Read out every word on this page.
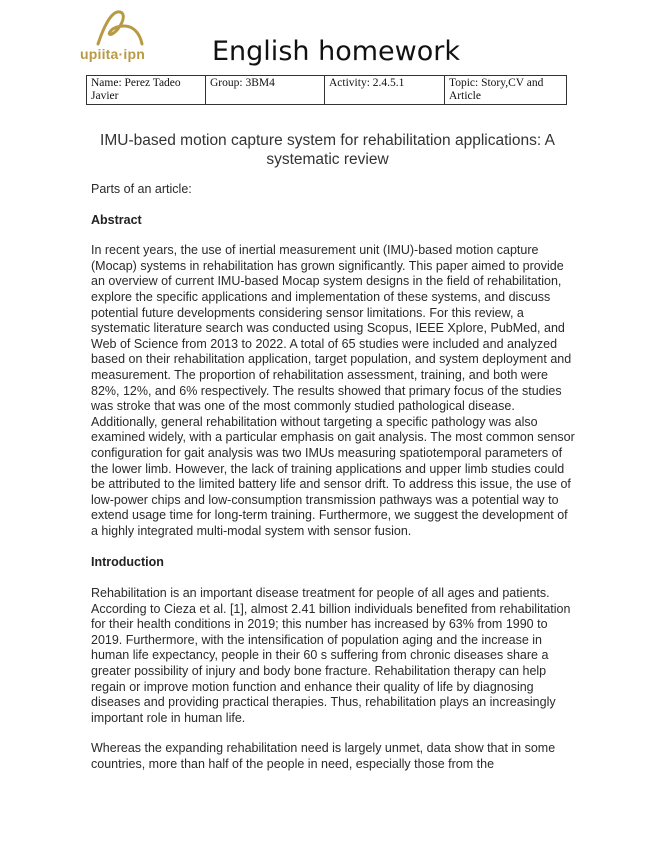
upiita·ipn	English homework
Name: Perez Tadeo Javier	Group: 3BM4	Activity: 2.4.5.1	Topic: Story,CV and Article
IMU-based motion capture system for rehabilitation applications: A systematic review

Parts of an article:

Abstract

In recent years, the use of inertial measurement unit (IMU)-based motion capture (Mocap) systems in rehabilitation has grown significantly. This paper aimed to provide an overview of current IMU-based Mocap system designs in the field of rehabilitation, explore the specific applications and implementation of these systems, and discuss potential future developments considering sensor limitations. For this review, a systematic literature search was conducted using Scopus, IEEE Xplore, PubMed, and Web of Science from 2013 to 2022. A total of 65 studies were included and analyzed based on their rehabilitation application, target population, and system deployment and measurement. The proportion of rehabilitation assessment, training, and both were 82%, 12%, and 6% respectively. The results showed that primary focus of the studies was stroke that was one of the most commonly studied pathological disease. Additionally, general rehabilitation without targeting a specific pathology was also examined widely, with a particular emphasis on gait analysis. The most common sensor configuration for gait analysis was two IMUs measuring spatiotemporal parameters of the lower limb. However, the lack of training applications and upper limb studies could be attributed to the limited battery life and sensor drift. To address this issue, the use of low-power chips and low-consumption transmission pathways was a potential way to extend usage time for long-term training. Furthermore, we suggest the development of a highly integrated multi-modal system with sensor fusion.

Introduction

Rehabilitation is an important disease treatment for people of all ages and patients. According to Cieza et al. [1], almost 2.41 billion individuals benefited from rehabilitation for their health conditions in 2019; this number has increased by 63% from 1990 to 2019. Furthermore, with the intensification of population aging and the increase in human life expectancy, people in their 60 s suffering from chronic diseases share a greater possibility of injury and body bone fracture. Rehabilitation therapy can help regain or improve motion function and enhance their quality of life by diagnosing diseases and providing practical therapies. Thus, rehabilitation plays an increasingly important role in human life.

Whereas the expanding rehabilitation need is largely unmet, data show that in some countries, more than half of the people in need, especially those from the
